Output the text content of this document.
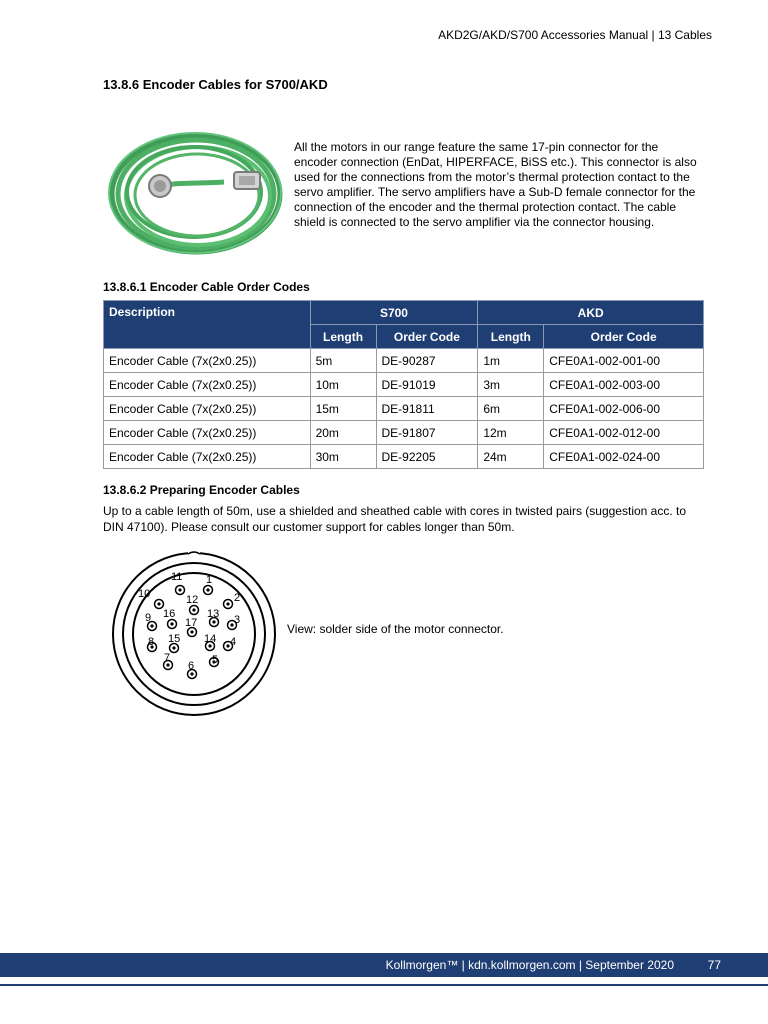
AKD2G/AKD/S700 Accessories Manual | 13 Cables
13.8.6 Encoder Cables for S700/AKD
All the motors in our range feature the same 17-pin connector for the encoder connection (EnDat, HIPERFACE, BiSS etc.). This connector is also used for the connections from the motor’s thermal protection contact to the servo amplifier. The servo amplifiers have a Sub-D female connector for the connection of the encoder and the thermal protection contact. The cable shield is connected to the servo amplifier via the connector housing.
13.8.6.1 Encoder Cable Order Codes
Description	S700		AKD	
	Length	Order Code	Length	Order Code
Encoder Cable (7x(2x0.25))	5m	DE-90287	1m	CFE0A1-002-001-00
Encoder Cable (7x(2x0.25))	10m	DE-91019	3m	CFE0A1-002-003-00
Encoder Cable (7x(2x0.25))	15m	DE-91811	6m	CFE0A1-002-006-00
Encoder Cable (7x(2x0.25))	20m	DE-91807	12m	CFE0A1-002-012-00
Encoder Cable (7x(2x0.25))	30m	DE-92205	24m	CFE0A1-002-024-00
13.8.6.2 Preparing Encoder Cables
Up to a cable length of 50m, use a shielded and sheathed cable with cores in twisted pairs (suggestion acc. to DIN 47100). Please consult our customer support for cables longer than 50m.
1
2
3
4
5
6
7
8
9
10
11
12
13
14
15
16
17	View: solder side of the motor connector.
Kollmorgen™ | kdn.kollmorgen.com | September 2020	77
